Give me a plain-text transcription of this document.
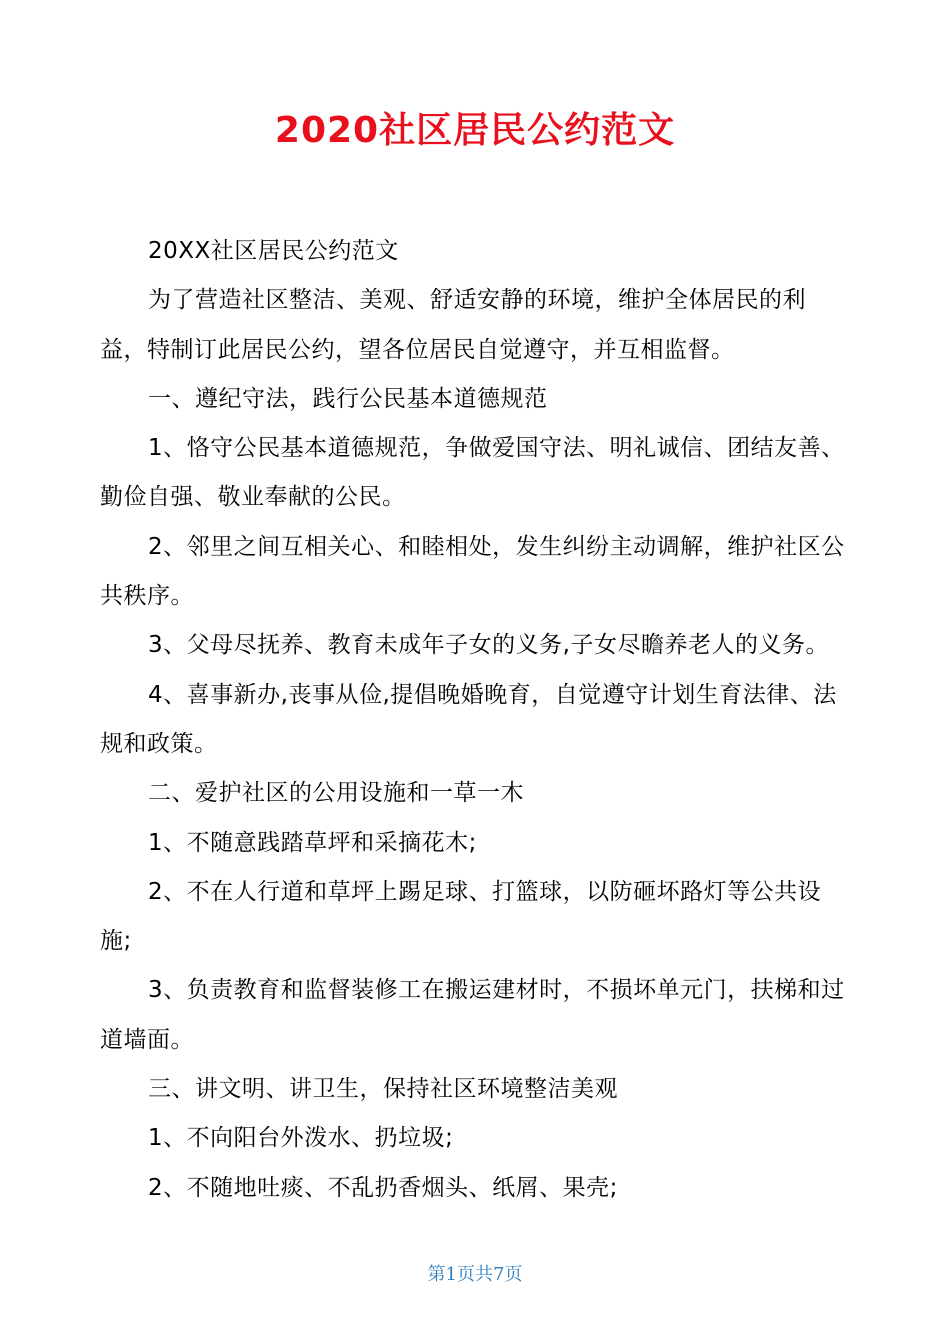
2020社区居民公约范文

20XX社区居民公约范文

为了营造社区整洁、美观、舒适安静的环境，维护全体居民的利益，特制订此居民公约，望各位居民自觉遵守，并互相监督。

一、遵纪守法，践行公民基本道德规范

1、恪守公民基本道德规范，争做爱国守法、明礼诚信、团结友善、勤俭自强、敬业奉献的公民。

2、邻里之间互相关心、和睦相处，发生纠纷主动调解，维护社区公共秩序。

3、父母尽抚养、教育未成年子女的义务,子女尽瞻养老人的义务。

4、喜事新办,丧事从俭,提倡晚婚晚育，自觉遵守计划生育法律、法规和政策。

二、爱护社区的公用设施和一草一木

1、不随意践踏草坪和采摘花木;

2、不在人行道和草坪上踢足球、打篮球，以防砸坏路灯等公共设施;

3、负责教育和监督装修工在搬运建材时，不损坏单元门，扶梯和过道墙面。

三、讲文明、讲卫生，保持社区环境整洁美观

1、不向阳台外泼水、扔垃圾;

2、不随地吐痰、不乱扔香烟头、纸屑、果壳;

第1页共7页
